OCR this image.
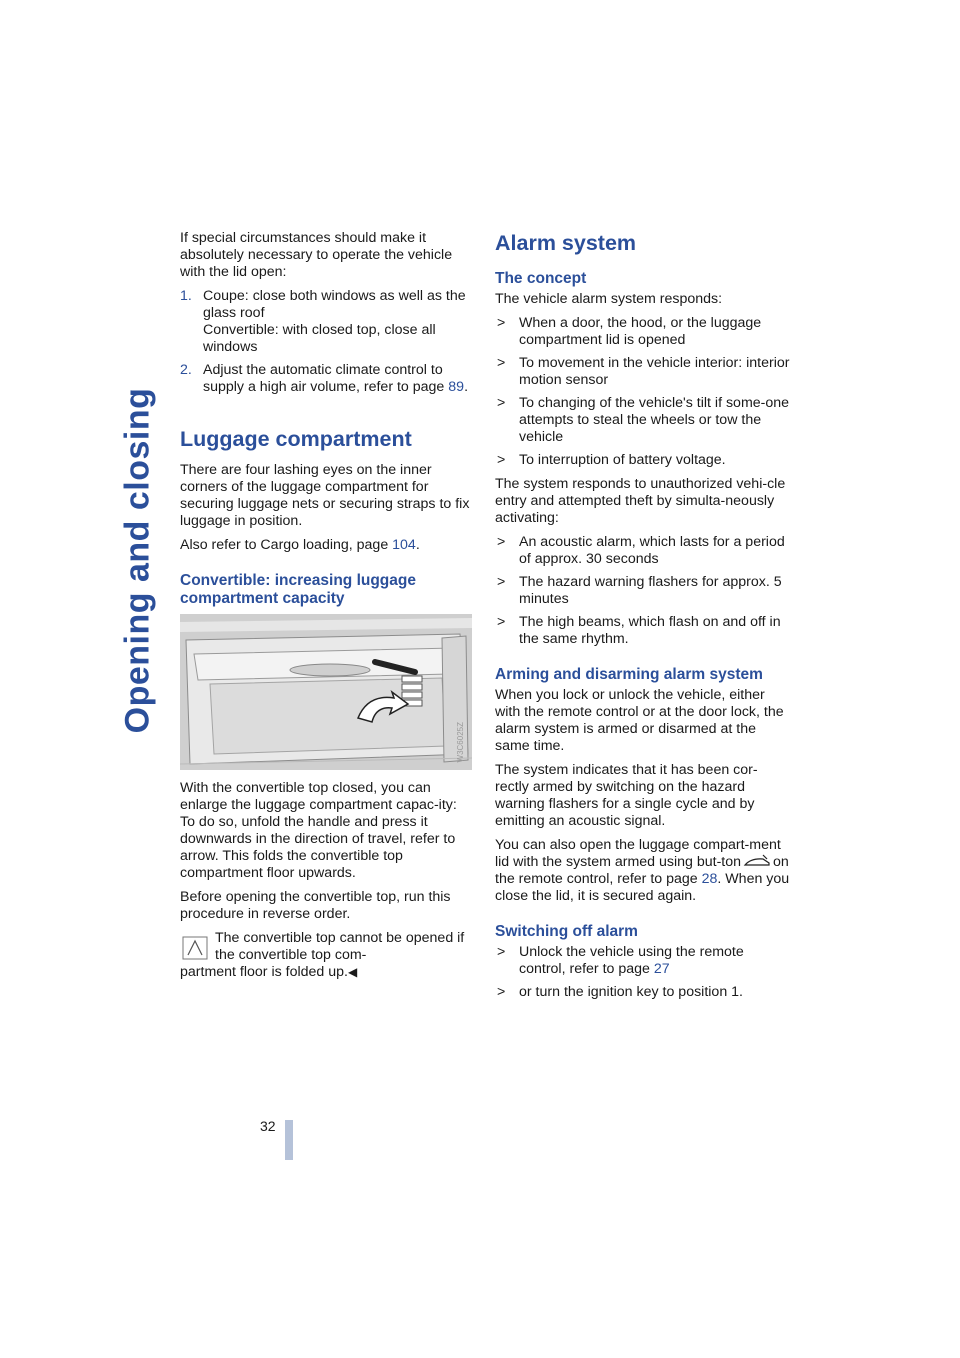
Opening and closing
32

If special circumstances should make it absolutely necessary to operate the vehicle with the lid open:

1. Coupe: close both windows as well as the glass roof
Convertible: with closed top, close all windows
2. Adjust the automatic climate control to supply a high air volume, refer to page 89.
Luggage compartment

There are four lashing eyes on the inner corners of the luggage compartment for securing luggage nets or securing straps to fix luggage in position.

Also refer to Cargo loading, page 104.

Convertible: increasing luggage compartment capacity
W3C6025Z

With the convertible top closed, you can enlarge the luggage compartment capac-ity:

To do so, unfold the handle and press it downwards in the direction of travel, refer to arrow. This folds the convertible top compartment floor upwards.

Before opening the convertible top, run this procedure in reverse order.

The convertible top cannot be opened if the convertible top com-

partment floor is folded up.◀

Alarm system
The concept

The vehicle alarm system responds:

> When a door, the hood, or the luggage compartment lid is opened
> To movement in the vehicle interior: interior motion sensor
> To changing of the vehicle's tilt if some-one attempts to steal the wheels or tow the vehicle
> To interruption of battery voltage.

The system responds to unauthorized vehi-cle entry and attempted theft by simulta-neously activating:

> An acoustic alarm, which lasts for a period of approx. 30 seconds
> The hazard warning flashers for approx. 5 minutes
> The high beams, which flash on and off in the same rhythm.
Arming and disarming alarm system

When you lock or unlock the vehicle, either with the remote control or at the door lock, the alarm system is armed or disarmed at the same time.

The system indicates that it has been cor-rectly armed by switching on the hazard warning flashers for a single cycle and by emitting an acoustic signal.

You can also open the luggage compart-ment lid with the system armed using but-ton on the remote control, refer to page 28. When you close the lid, it is secured again.

Switching off alarm
> Unlock the vehicle using the remote control, refer to page 27
> or turn the ignition key to position 1.
